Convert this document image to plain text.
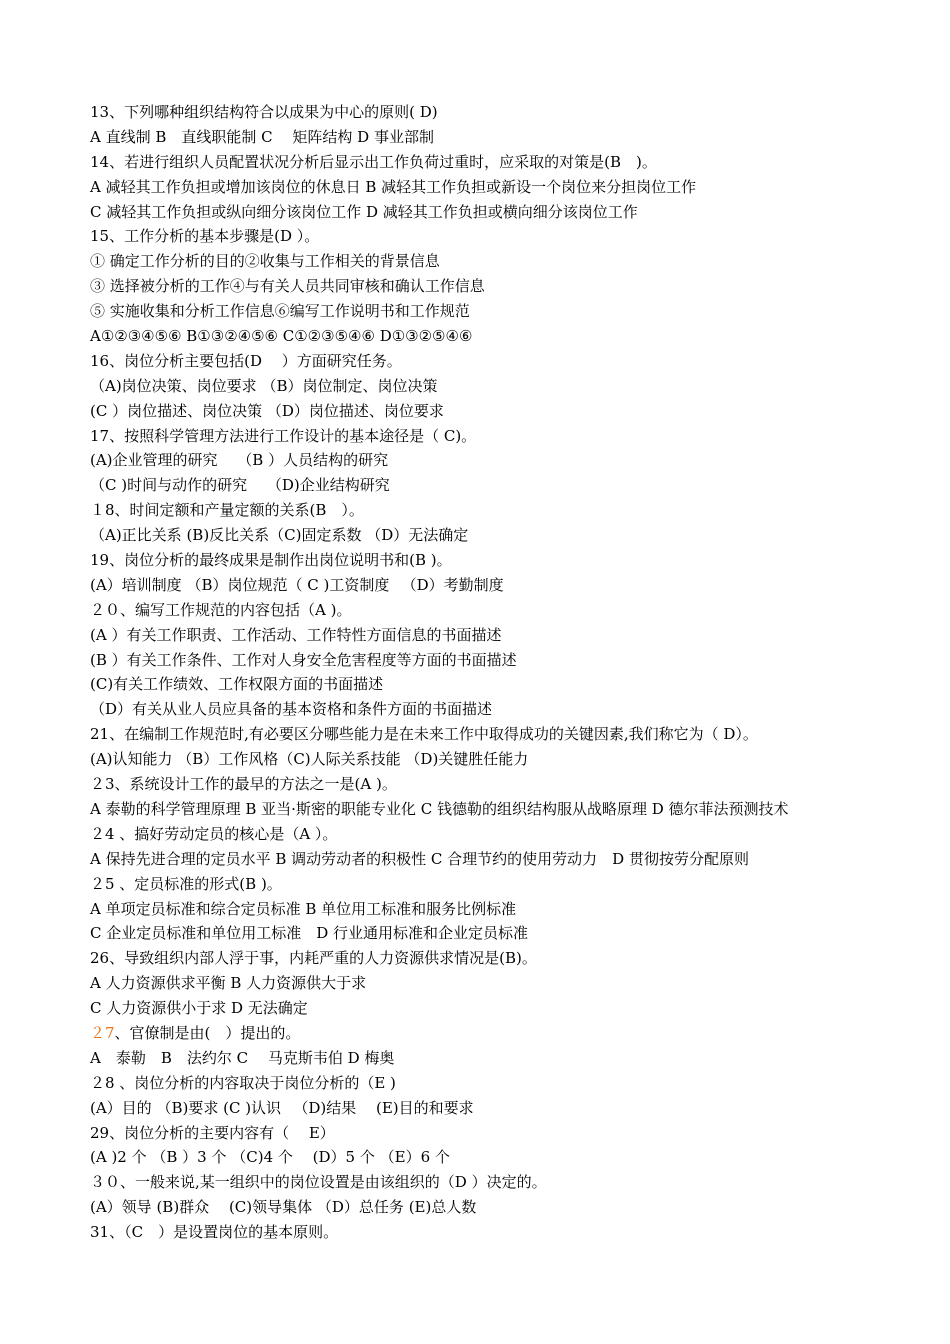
13、下列哪种组织结构符合以成果为中心的原则( D)
A 直线制 B　直线职能制 C　 矩阵结构 D 事业部制
14、若进行组织人员配置状况分析后显示出工作负荷过重时，应采取的对策是(B　)。
A 减轻其工作负担或增加该岗位的休息日 B 减轻其工作负担或新设一个岗位来分担岗位工作
C 减轻其工作负担或纵向细分该岗位工作 D 减轻其工作负担或横向细分该岗位工作
15、工作分析的基本步骤是(D ）。
① 确定工作分析的目的②收集与工作相关的背景信息
③ 选择被分析的工作④与有关人员共同审核和确认工作信息
⑤ 实施收集和分析工作信息⑥编写工作说明书和工作规范
A①②③④⑤⑥ B①③②④⑤⑥ C①②③⑤④⑥ D①③②⑤④⑥
16、岗位分析主要包括(D　 ）方面研究任务。
（A)岗位决策、岗位要求 （B）岗位制定、岗位决策
(C ）岗位描述、岗位决策 （D）岗位描述、岗位要求
17、按照科学管理方法进行工作设计的基本途径是（ C)。
(A)企业管理的研究　 （B ）人员结构的研究
（C )时间与动作的研究　 （D)企业结构研究
１8、时间定额和产量定额的关系(B　）。
（A)正比关系 (B)反比关系（C)固定系数 （D）无法确定
19、岗位分析的最终成果是制作出岗位说明书和(B )。
(A）培训制度 （B）岗位规范（ C )工资制度 　（D）考勤制度
２０、编写工作规范的内容包括（A )。
(A ）有关工作职责、工作活动、工作特性方面信息的书面描述
(B ）有关工作条件、工作对人身安全危害程度等方面的书面描述
(C)有关工作绩效、工作权限方面的书面描述
（D）有关从业人员应具备的基本资格和条件方面的书面描述
21、在编制工作规范时,有必要区分哪些能力是在未来工作中取得成功的关键因素,我们称它为（ D）。
(A)认知能力 （B）工作风格（C)人际关系技能 （D)关键胜任能力
２3、系统设计工作的最早的方法之一是(A )。
A 泰勒的科学管理原理 B 亚当·斯密的职能专业化 C 钱德勒的组织结构服从战略原理 D 德尔菲法预测技术
２4 、搞好劳动定员的核心是（A ）。
A 保持先进合理的定员水平 B 调动劳动者的积极性 C 合理节约的使用劳动力　D 贯彻按劳分配原则
２5 、定员标准的形式(B )。
A 单项定员标准和综合定员标准 B 单位用工标准和服务比例标准
C 企业定员标准和单位用工标准　D 行业通用标准和企业定员标准
26、导致组织内部人浮于事，内耗严重的人力资源供求情况是(B)。
A 人力资源供求平衡 B 人力资源供大于求
C 人力资源供小于求 D 无法确定
２7、官僚制是由(　）提出的。
A　泰勒　B　法约尔 C　 马克斯韦伯 D 梅奥
２8 、岗位分析的内容取决于岗位分析的（E )
(A）目的 （B)要求 (C )认识 　（D)结果 　(E)目的和要求
29、岗位分析的主要内容有（　 E）
(A )2 个 （B ）3 个 （C)4 个 　(D）5 个 （E）6 个
３０、一般来说,某一组织中的岗位设置是由该组织的（D ）决定的。
(A）领导 (B)群众 　(C)领导集体 （D）总任务 (E)总人数
31、（C　）是设置岗位的基本原则。
